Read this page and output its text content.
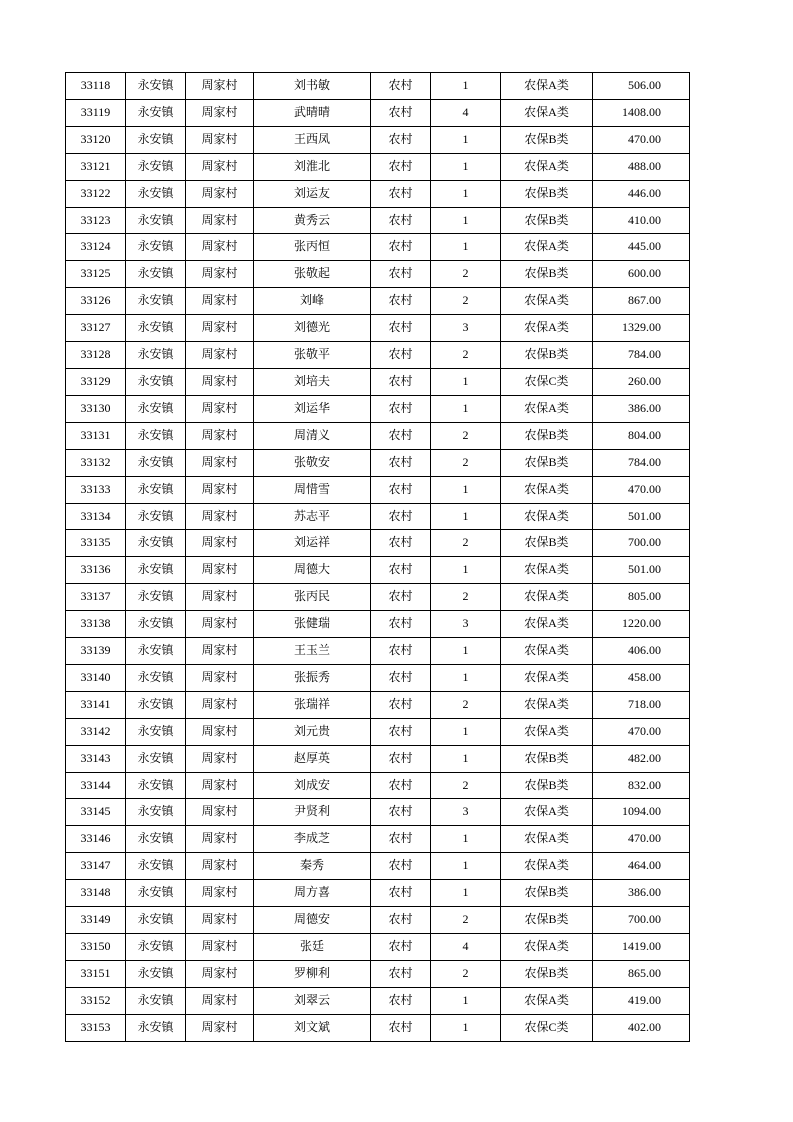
33118	永安镇	周家村	刘书敏	农村	1	农保A类	506.00
33119	永安镇	周家村	武晴晴	农村	4	农保A类	1408.00
33120	永安镇	周家村	王西凤	农村	1	农保B类	470.00
33121	永安镇	周家村	刘淮北	农村	1	农保A类	488.00
33122	永安镇	周家村	刘运友	农村	1	农保B类	446.00
33123	永安镇	周家村	黄秀云	农村	1	农保B类	410.00
33124	永安镇	周家村	张丙恒	农村	1	农保A类	445.00
33125	永安镇	周家村	张敬起	农村	2	农保B类	600.00
33126	永安镇	周家村	刘峰	农村	2	农保A类	867.00
33127	永安镇	周家村	刘德光	农村	3	农保A类	1329.00
33128	永安镇	周家村	张敬平	农村	2	农保B类	784.00
33129	永安镇	周家村	刘培夫	农村	1	农保C类	260.00
33130	永安镇	周家村	刘运华	农村	1	农保A类	386.00
33131	永安镇	周家村	周清义	农村	2	农保B类	804.00
33132	永安镇	周家村	张敬安	农村	2	农保B类	784.00
33133	永安镇	周家村	周惜雪	农村	1	农保A类	470.00
33134	永安镇	周家村	苏志平	农村	1	农保A类	501.00
33135	永安镇	周家村	刘运祥	农村	2	农保B类	700.00
33136	永安镇	周家村	周德大	农村	1	农保A类	501.00
33137	永安镇	周家村	张丙民	农村	2	农保A类	805.00
33138	永安镇	周家村	张健瑞	农村	3	农保A类	1220.00
33139	永安镇	周家村	王玉兰	农村	1	农保A类	406.00
33140	永安镇	周家村	张振秀	农村	1	农保A类	458.00
33141	永安镇	周家村	张瑞祥	农村	2	农保A类	718.00
33142	永安镇	周家村	刘元贵	农村	1	农保A类	470.00
33143	永安镇	周家村	赵厚英	农村	1	农保B类	482.00
33144	永安镇	周家村	刘成安	农村	2	农保B类	832.00
33145	永安镇	周家村	尹贤利	农村	3	农保A类	1094.00
33146	永安镇	周家村	李成芝	农村	1	农保A类	470.00
33147	永安镇	周家村	秦秀	农村	1	农保A类	464.00
33148	永安镇	周家村	周方喜	农村	1	农保B类	386.00
33149	永安镇	周家村	周德安	农村	2	农保B类	700.00
33150	永安镇	周家村	张廷	农村	4	农保A类	1419.00
33151	永安镇	周家村	罗柳利	农村	2	农保B类	865.00
33152	永安镇	周家村	刘翠云	农村	1	农保A类	419.00
33153	永安镇	周家村	刘文斌	农村	1	农保C类	402.00
